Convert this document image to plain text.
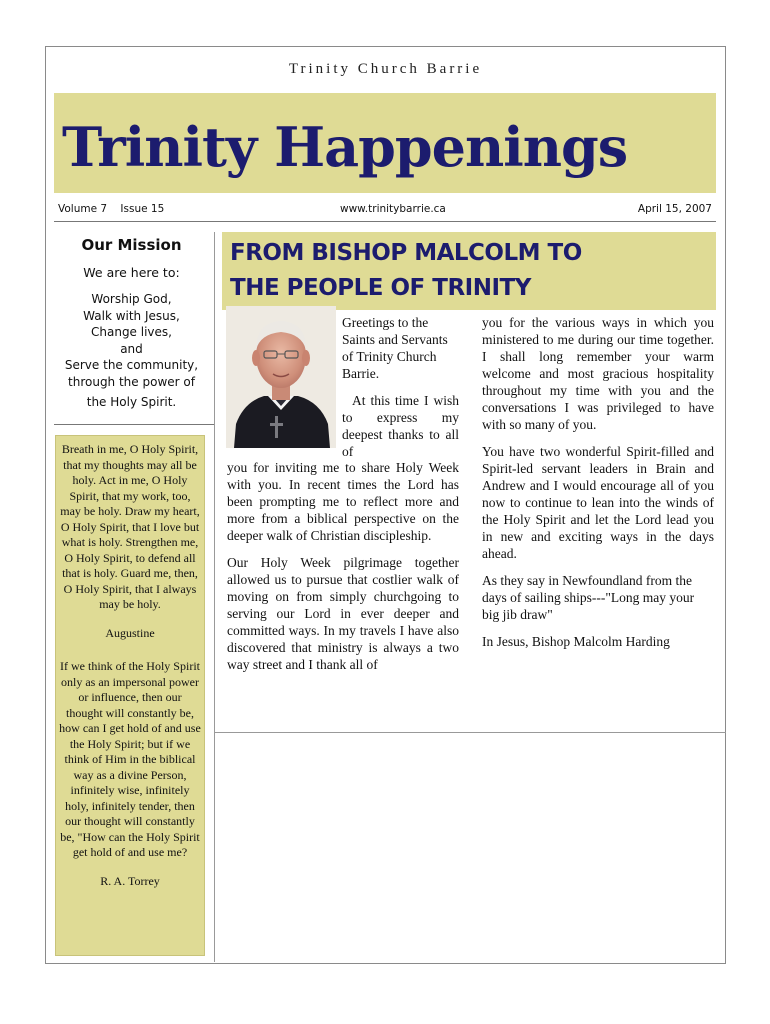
Trinity Church Barrie
Trinity Happenings
Volume 7    Issue 15	www.trinitybarrie.ca	April 15, 2007
Our Mission
We are here to:
Worship God,
Walk with Jesus,
Change lives,
and
Serve the community,
through the power of
the Holy Spirit.

Breath in me, O Holy Spirit, that my thoughts may all be holy. Act in me, O Holy Spirit, that my work, too, may be holy. Draw my heart, O Holy Spirit, that I love but what is holy. Strengthen me, O Holy Spirit, to defend all that is holy. Guard me, then, O Holy Spirit, that I always may be holy.

Augustine

If we think of the Holy Spirit only as an impersonal power or influence, then our thought will constantly be, how can I get hold of and use the Holy Spirit; but if we think of Him in the biblical way as a divine Person, infinitely wise, infinitely holy, infinitely tender, then our thought will constantly be, "How can the Holy Spirit get hold of and use me?

R. A. Torrey

FROM BISHOP MALCOLM TO
THE PEOPLE OF TRINITY

Greetings to the Saints and Servants of Trinity Church Barrie.

At this time I wish to express my deepest thanks to all of

you for inviting me to share Holy Week with you. In recent times the Lord has been prompting me to reflect more and more from a biblical perspective on the deeper walk of Christian discipleship.

Our Holy Week pilgrimage together allowed us to pursue that costlier walk of moving on from simply churchgoing to serving our Lord in ever deeper and committed ways. In my travels I have also discovered that ministry is always a two way street and I thank all of

you for the various ways in which you ministered to me during our time together. I shall long remember your warm welcome and most gracious hospitality throughout my time with you and the conversations I was privileged to have with so many of you.

You have two wonderful Spirit-filled and Spirit-led servant leaders in Brain and Andrew and I would encourage all of you now to continue to lean into the winds of the Holy Spirit and let the Lord lead you in new and exciting ways in the days ahead.

As they say in Newfoundland from the days of sailing ships---"Long may your big jib draw"

In Jesus, Bishop Malcolm Harding
